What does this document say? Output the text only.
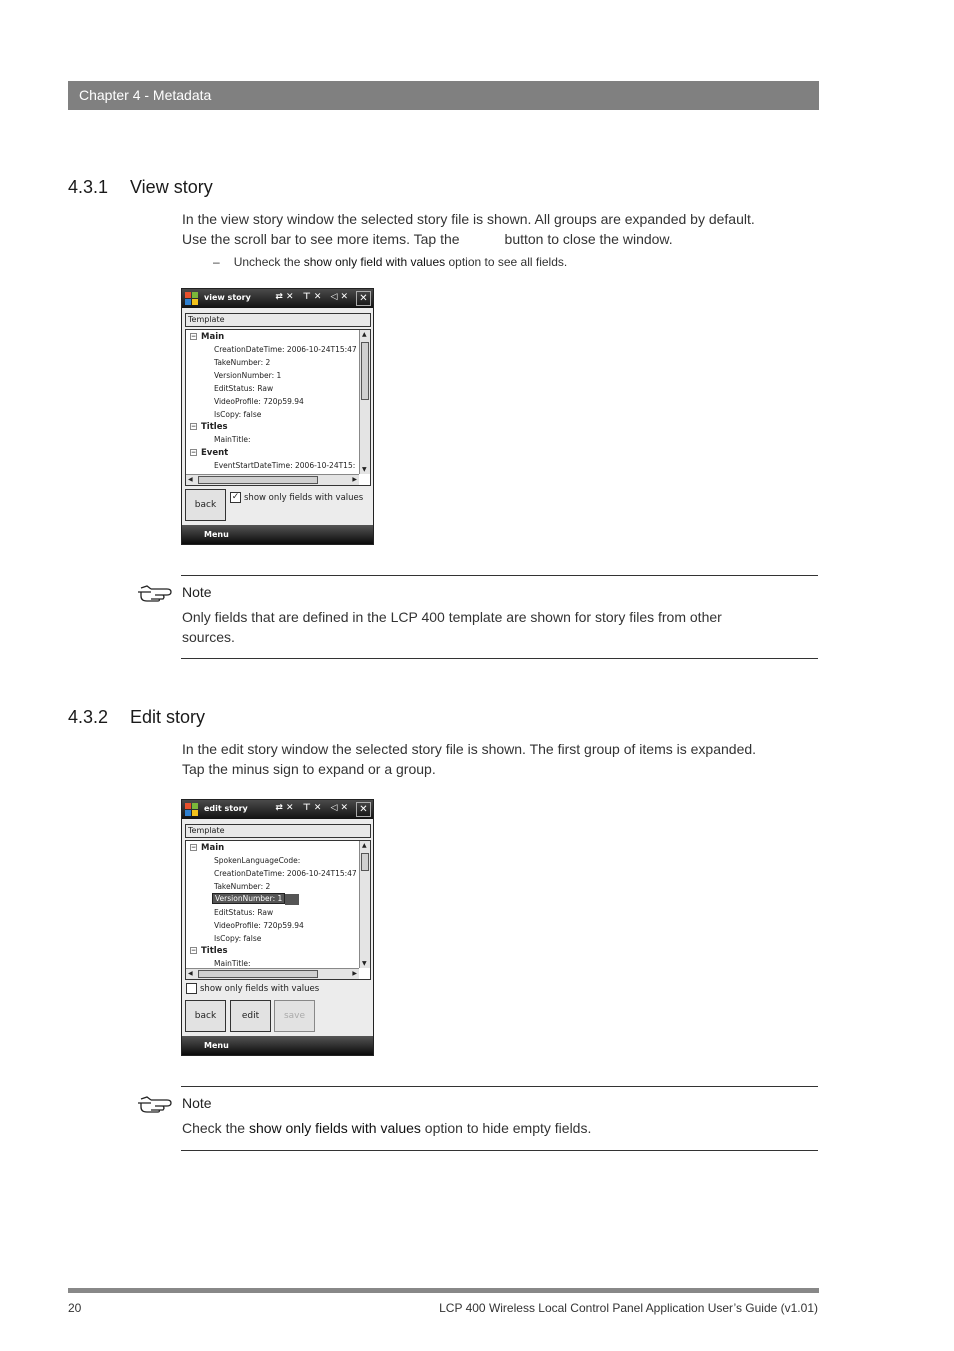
Chapter 4 - Metadata
4.3.1 View story
In the view story window the selected story file is shown. All groups are expanded by default.
Use the scroll bar to see more items. Tap the	button to close the window.
– Uncheck the show only field with values option to see all fields.
view story	⇄✕ ⊤✕ ◁✕ ✕
Template
− Main
CreationDateTime: 2006-10-24T15:47
TakeNumber: 2
VersionNumber: 1
EditStatus: Raw
VideoProfile: 720p59.94
IsCopy: false
− Titles
MainTitle:
− Event
EventStartDateTime: 2006-10-24T15:
▲
▼
◀	▶
back
✓ show only fields with values
Menu
Note
Only fields that are defined in the LCP 400 template are shown for story files from other
sources.
4.3.2 Edit story
In the edit story window the selected story file is shown. The first group of items is expanded.
Tap the minus sign to expand or a group.
edit story	⇄✕ ⊤✕ ◁✕ ✕
Template
− Main
SpokenLanguageCode:
CreationDateTime: 2006-10-24T15:47
TakeNumber: 2
VersionNumber: 1
EditStatus: Raw
VideoProfile: 720p59.94
IsCopy: false
− Titles
MainTitle:
▲
▼
◀	▶
show only fields with values
back	edit	save
Menu
Note
Check the show only fields with values option to hide empty fields.
20	LCP 400 Wireless Local Control Panel Application User’s Guide (v1.01)
